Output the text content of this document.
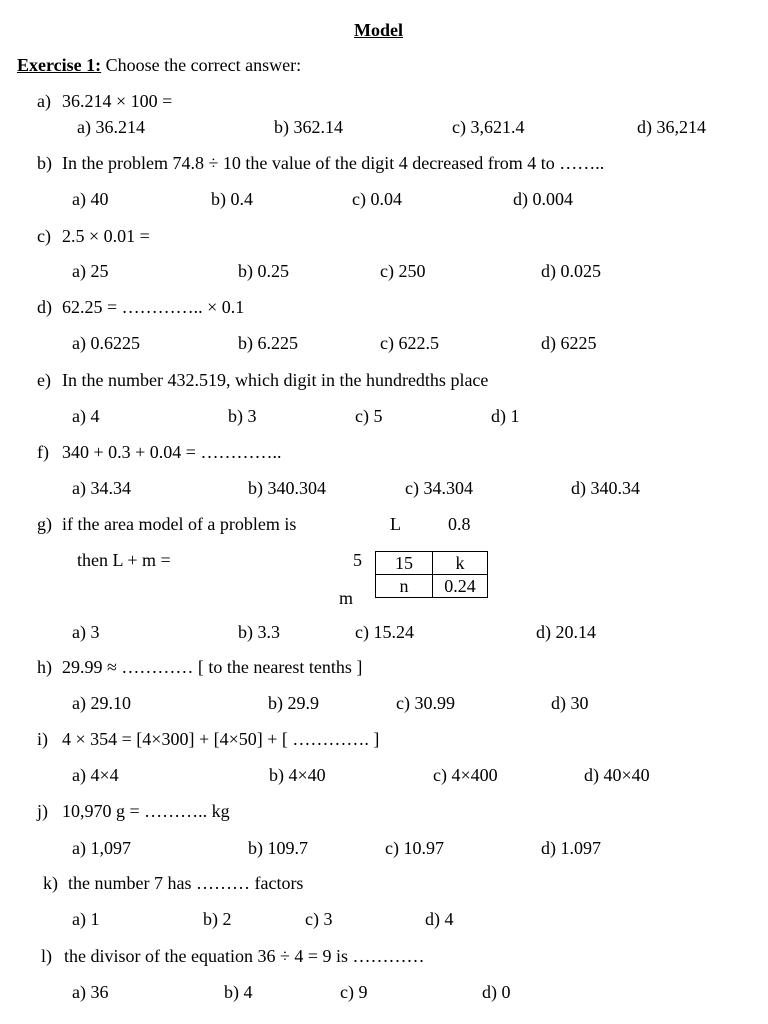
Model
Exercise 1: Choose the correct answer:
a) 36.214 × 100 =
a) 36.214	b) 362.14	c) 3,621.4	d) 36,214
b) In the problem 74.8 ÷ 10 the value of the digit 4 decreased from 4 to ……..
a) 40	b) 0.4	c) 0.04	d) 0.004
c) 2.5 × 0.01 =
a) 25	b) 0.25	c) 250	d) 0.025
d) 62.25 = ………….. × 0.1
a) 0.6225	b) 6.225	c) 622.5	d) 6225
e) In the number 432.519, which digit in the hundredths place
a) 4	b) 3	c) 5	d) 1
f) 340 + 0.3 + 0.04 = …………..
a) 34.34	b) 340.304	c) 34.304	d) 340.34
g) if the area model of a problem is
then L + m =
L	0.8
5
m
15	k
n	0.24
a) 3	b) 3.3	c) 15.24	d) 20.14
h) 29.99 ≈ ………… [ to the nearest tenths ]
a) 29.10	b) 29.9	c) 30.99	d) 30
i) 4 × 354 = [4×300] + [4×50] + [ …………. ]
a) 4×4	b) 4×40	c) 4×400	d) 40×40
j) 10,970 g = ……….. kg
a) 1,097	b) 109.7	c) 10.97	d) 1.097
k) the number 7 has ……… factors
a) 1	b) 2	c) 3	d) 4
l) the divisor of the equation 36 ÷ 4 = 9 is …………
a) 36	b) 4	c) 9	d) 0
